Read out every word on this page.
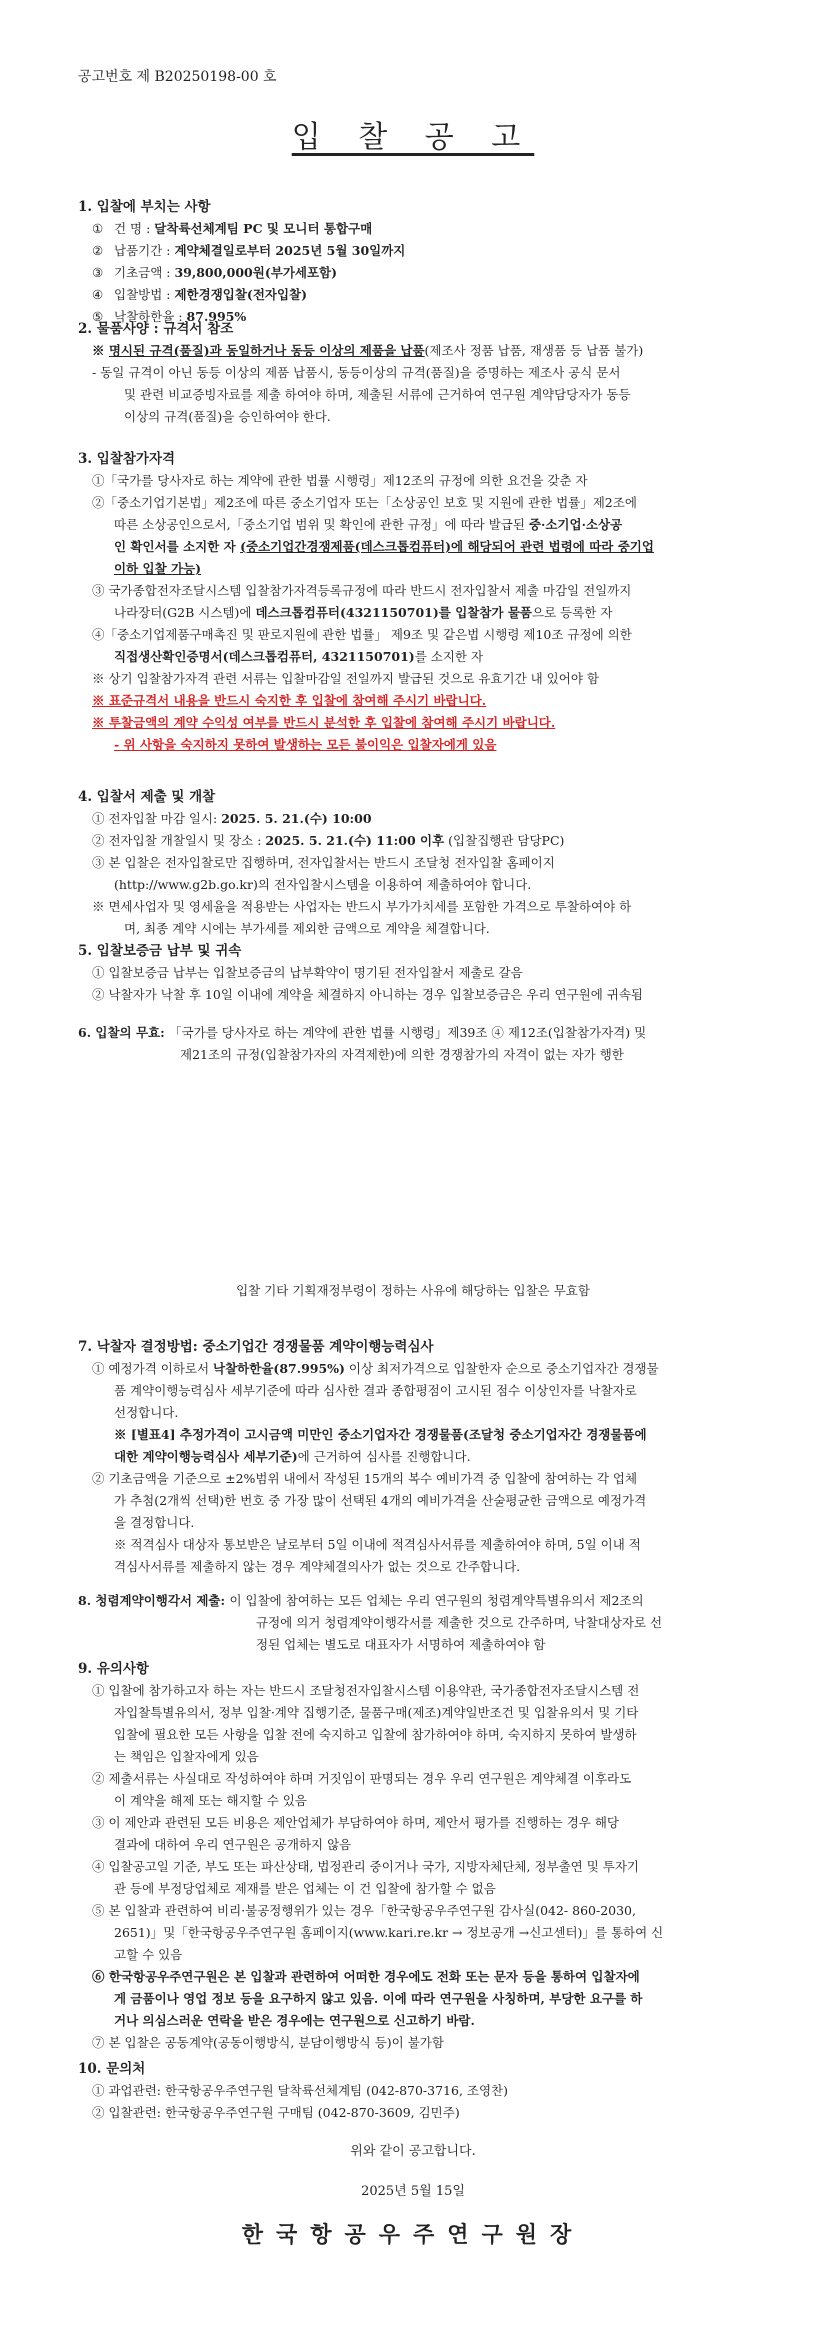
공고번호 제 B20250198-00 호
입 찰 공 고
1. 입찰에 부치는 사항
① 건 명 : 달착륙선체계팀 PC 및 모니터 통합구매
② 납품기간 : 계약체결일로부터 2025년 5월 30일까지
③ 기초금액 : 39,800,000원(부가세포함)
④ 입찰방법 : 제한경쟁입찰(전자입찰)
⑤ 낙찰하한율 : 87.995%
2. 물품사양 : 규격서 참조
※ 명시된 규격(품질)과 동일하거나 동등 이상의 제품을 납품(제조사 정품 납품, 재생품 등 납품 불가)
- 동일 규격이 아닌 동등 이상의 제품 납품시, 동등이상의 규격(품질)을 증명하는 제조사 공식 문서
및 관련 비교증빙자료를 제출 하여야 하며, 제출된 서류에 근거하여 연구원 계약담당자가 동등
이상의 규격(품질)을 승인하여야 한다.
3. 입찰참가자격
①「국가를 당사자로 하는 계약에 관한 법률 시행령」제12조의 규정에 의한 요건을 갖춘 자
②「중소기업기본법」제2조에 따른 중소기업자 또는「소상공인 보호 및 지원에 관한 법률」제2조에
따른 소상공인으로서,「중소기업 범위 및 확인에 관한 규정」에 따라 발급된 중·소기업·소상공
인 확인서를 소지한 자 (중소기업간경쟁제품(데스크톱컴퓨터)에 해당되어 관련 법령에 따라 중기업
이하 입찰 가능)
③ 국가종합전자조달시스템 입찰참가자격등록규정에 따라 반드시 전자입찰서 제출 마감일 전일까지
나라장터(G2B 시스템)에 데스크톱컴퓨터(4321150701)를 입찰참가 물품으로 등록한 자
④「중소기업제품구매촉진 및 판로지원에 관한 법률」 제9조 및 같은법 시행령 제10조 규정에 의한
직접생산확인증명서(데스크톱컴퓨터, 4321150701)를 소지한 자
※ 상기 입찰참가자격 관련 서류는 입찰마감일 전일까지 발급된 것으로 유효기간 내 있어야 함
※ 표준규격서 내용을 반드시 숙지한 후 입찰에 참여해 주시기 바랍니다.
※ 투찰금액의 계약 수익성 여부를 반드시 분석한 후 입찰에 참여해 주시기 바랍니다.
- 위 사항을 숙지하지 못하여 발생하는 모든 불이익은 입찰자에게 있음
4. 입찰서 제출 및 개찰
① 전자입찰 마감 일시: 2025. 5. 21.(수) 10:00
② 전자입찰 개찰일시 및 장소 : 2025. 5. 21.(수) 11:00 이후 (입찰집행관 담당PC)
③ 본 입찰은 전자입찰로만 집행하며, 전자입찰서는 반드시 조달청 전자입찰 홈페이지
(http://www.g2b.go.kr)의 전자입찰시스템을 이용하여 제출하여야 합니다.
※ 면세사업자 및 영세율을 적용받는 사업자는 반드시 부가가치세를 포함한 가격으로 투찰하여야 하
며, 최종 계약 시에는 부가세를 제외한 금액으로 계약을 체결합니다.
5. 입찰보증금 납부 및 귀속
① 입찰보증금 납부는 입찰보증금의 납부확약이 명기된 전자입찰서 제출로 갈음
② 낙찰자가 낙찰 후 10일 이내에 계약을 체결하지 아니하는 경우 입찰보증금은 우리 연구원에 귀속됨
6. 입찰의 무효: 「국가를 당사자로 하는 계약에 관한 법률 시행령」제39조 ④ 제12조(입찰참가자격) 및
제21조의 규정(입찰참가자의 자격제한)에 의한 경쟁참가의 자격이 없는 자가 행한
입찰 기타 기획재정부령이 정하는 사유에 해당하는 입찰은 무효함
7. 낙찰자 결정방법: 중소기업간 경쟁물품 계약이행능력심사
① 예정가격 이하로서 낙찰하한율(87.995%) 이상 최저가격으로 입찰한자 순으로 중소기업자간 경쟁물
품 계약이행능력심사 세부기준에 따라 심사한 결과 종합평점이 고시된 점수 이상인자를 낙찰자로
선정합니다.
※ [별표4] 추정가격이 고시금액 미만인 중소기업자간 경쟁물품(조달청 중소기업자간 경쟁물품에
대한 계약이행능력심사 세부기준)에 근거하여 심사를 진행합니다.
② 기초금액을 기준으로 ±2%범위 내에서 작성된 15개의 복수 예비가격 중 입찰에 참여하는 각 업체
가 추첨(2개씩 선택)한 번호 중 가장 많이 선택된 4개의 예비가격을 산술평균한 금액으로 예정가격
을 결정합니다.
※ 적격심사 대상자 통보받은 날로부터 5일 이내에 적격심사서류를 제출하여야 하며, 5일 이내 적
격심사서류를 제출하지 않는 경우 계약체결의사가 없는 것으로 간주합니다.
8. 청렴계약이행각서 제출: 이 입찰에 참여하는 모든 업체는 우리 연구원의 청렴계약특별유의서 제2조의
규정에 의거 청렴계약이행각서를 제출한 것으로 간주하며, 낙찰대상자로 선
정된 업체는 별도로 대표자가 서명하여 제출하여야 함
9. 유의사항
① 입찰에 참가하고자 하는 자는 반드시 조달청전자입찰시스템 이용약관, 국가종합전자조달시스템 전
자입찰특별유의서, 정부 입찰·계약 집행기준, 물품구매(제조)계약일반조건 및 입찰유의서 및 기타
입찰에 필요한 모든 사항을 입찰 전에 숙지하고 입찰에 참가하여야 하며, 숙지하지 못하여 발생하
는 책임은 입찰자에게 있음
② 제출서류는 사실대로 작성하여야 하며 거짓임이 판명되는 경우 우리 연구원은 계약체결 이후라도
이 계약을 해제 또는 해지할 수 있음
③ 이 제안과 관련된 모든 비용은 제안업체가 부담하여야 하며, 제안서 평가를 진행하는 경우 해당
결과에 대하여 우리 연구원은 공개하지 않음
④ 입찰공고일 기준, 부도 또는 파산상태, 법정관리 중이거나 국가, 지방자체단체, 정부출연 및 투자기
관 등에 부정당업체로 제재를 받은 업체는 이 건 입찰에 참가할 수 없음
⑤ 본 입찰과 관련하여 비리·불공정행위가 있는 경우「한국항공우주연구원 감사실(042- 860-2030,
2651)」및「한국항공우주연구원 홈페이지(www.kari.re.kr → 정보공개 →신고센터)」를 통하여 신
고할 수 있음
⑥ 한국항공우주연구원은 본 입찰과 관련하여 어떠한 경우에도 전화 또는 문자 등을 통하여 입찰자에
게 금품이나 영업 정보 등을 요구하지 않고 있음. 이에 따라 연구원을 사칭하며, 부당한 요구를 하
거나 의심스러운 연락을 받은 경우에는 연구원으로 신고하기 바람.
⑦ 본 입찰은 공동계약(공동이행방식, 분담이행방식 등)이 불가함
10. 문의처
① 과업관련: 한국항공우주연구원 달착륙선체계팀 (042-870-3716, 조영찬)
② 입찰관련: 한국항공우주연구원 구매팀 (042-870-3609, 김민주)
위와 같이 공고합니다.
2025년 5월 15일
한국항공우주연구원장
